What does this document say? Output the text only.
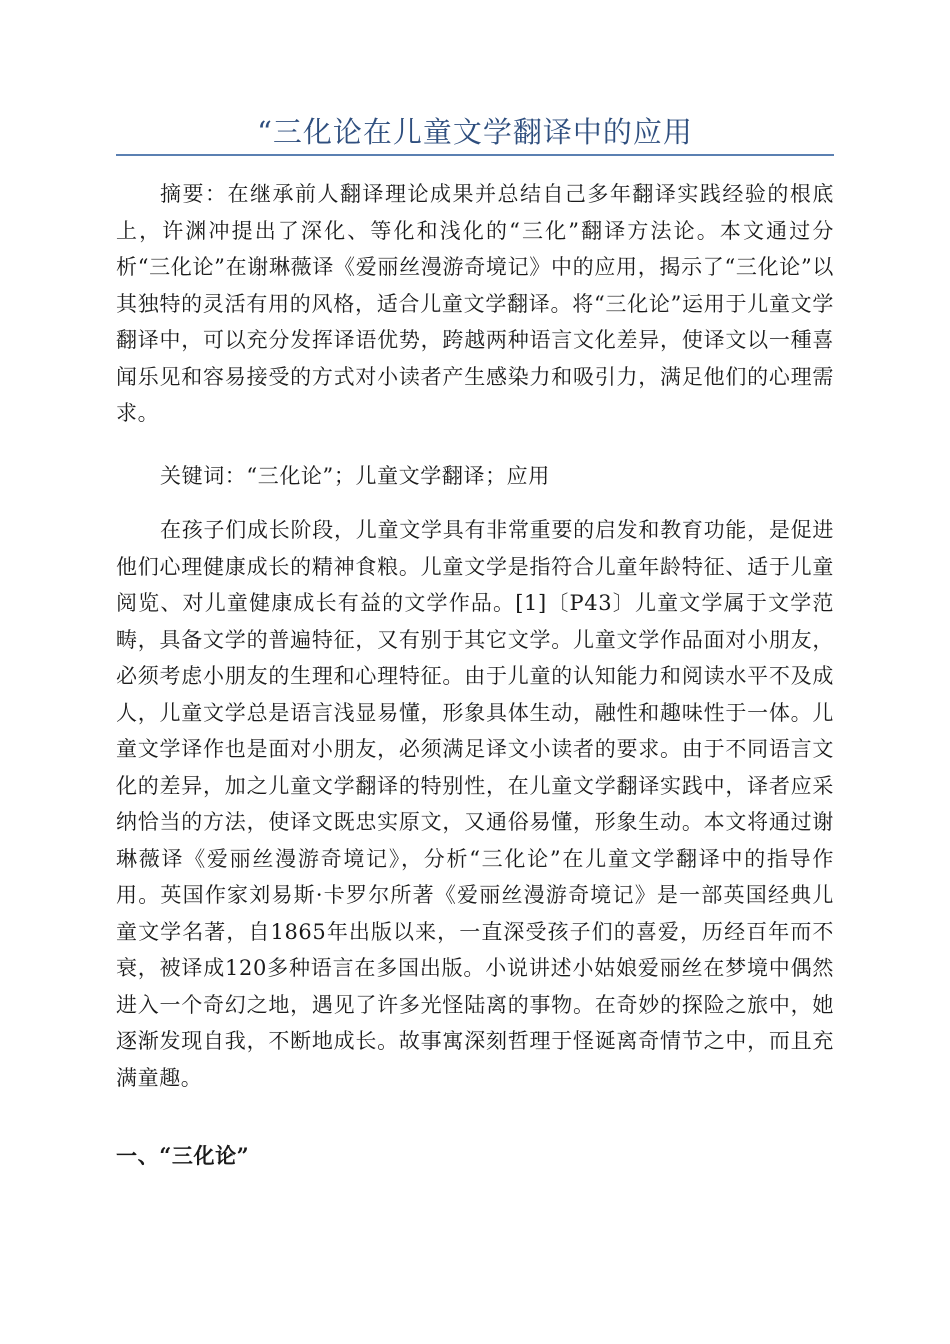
“三化论在儿童文学翻译中的应用

摘要：在继承前人翻译理论成果并总结自己多年翻译实践经验的根底上，许渊冲提出了深化、等化和浅化的“三化”翻译方法论。本文通过分析“三化论”在谢琳薇译《爱丽丝漫游奇境记》中的应用，揭示了“三化论”以其独特的灵活有用的风格，适合儿童文学翻译。将“三化论”运用于儿童文学翻译中，可以充分发挥译语优势，跨越两种语言文化差异，使译文以一種喜闻乐见和容易接受的方式对小读者产生感染力和吸引力，满足他们的心理需求。

关键词：“三化论”；儿童文学翻译；应用

在孩子们成长阶段，儿童文学具有非常重要的启发和教育功能，是促进他们心理健康成长的精神食粮。儿童文学是指符合儿童年龄特征、适于儿童阅览、对儿童健康成长有益的文学作品。[1]〔P43〕儿童文学属于文学范畴，具备文学的普遍特征，又有别于其它文学。儿童文学作品面对小朋友，必须考虑小朋友的生理和心理特征。由于儿童的认知能力和阅读水平不及成人，儿童文学总是语言浅显易懂，形象具体生动，融性和趣味性于一体。儿童文学译作也是面对小朋友，必须满足译文小读者的要求。由于不同语言文化的差异，加之儿童文学翻译的特别性，在儿童文学翻译实践中，译者应采纳恰当的方法，使译文既忠实原文，又通俗易懂，形象生动。本文将通过谢琳薇译《爱丽丝漫游奇境记》，分析“三化论”在儿童文学翻译中的指导作用。英国作家刘易斯·卡罗尔所著《爱丽丝漫游奇境记》是一部英国经典儿童文学名著，自1865年出版以来，一直深受孩子们的喜爱，历经百年而不衰，被译成120多种语言在多国出版。小说讲述小姑娘爱丽丝在梦境中偶然进入一个奇幻之地，遇见了许多光怪陆离的事物。在奇妙的探险之旅中，她逐渐发现自我，不断地成长。故事寓深刻哲理于怪诞离奇情节之中，而且充满童趣。

一、“三化论”
